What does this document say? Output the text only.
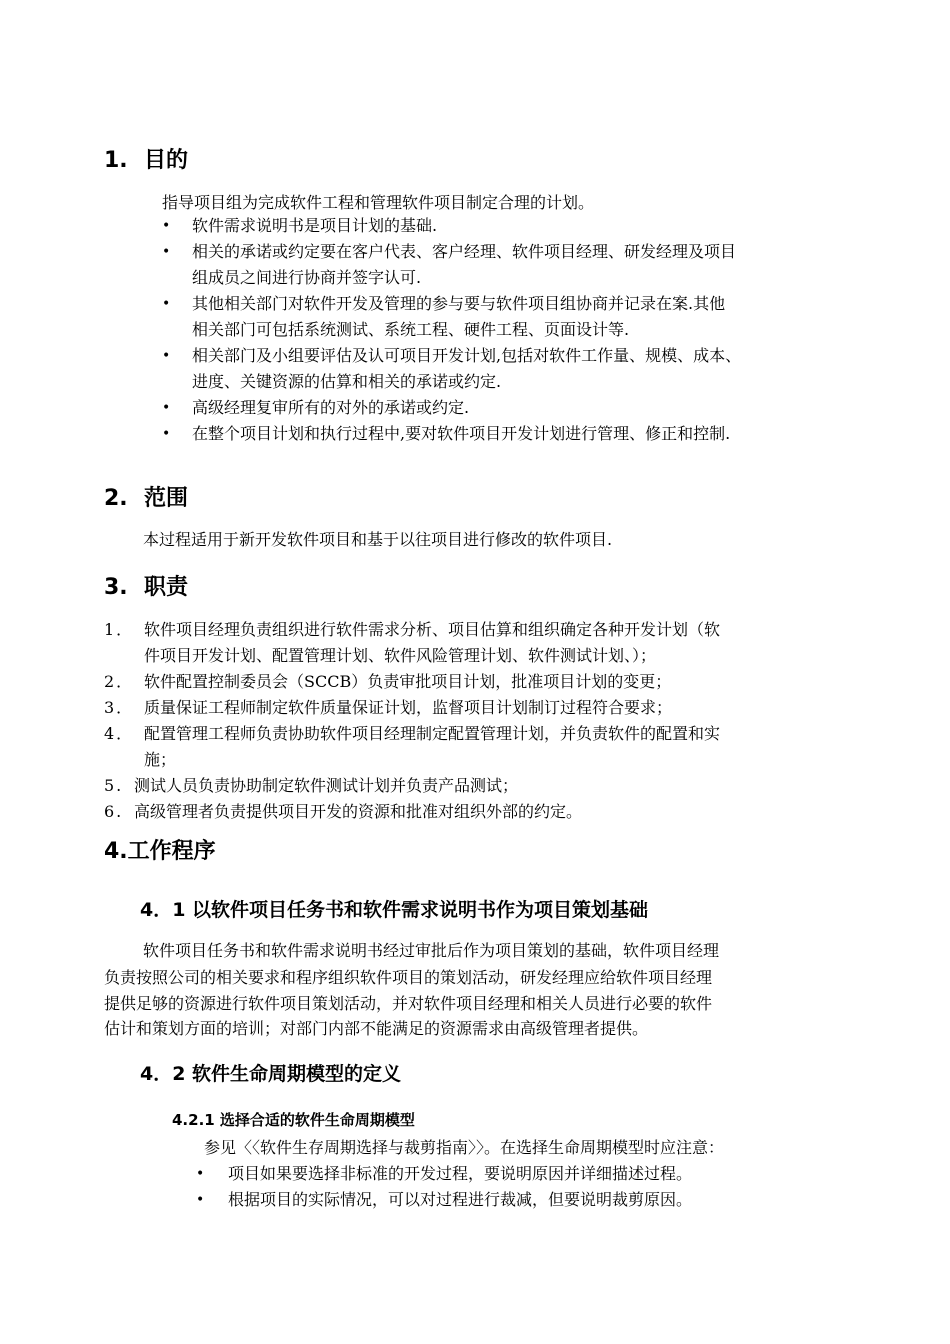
1. 目的
指导项目组为完成软件工程和管理软件项目制定合理的计划。
• 软件需求说明书是项目计划的基础.
• 相关的承诺或约定要在客户代表、客户经理、软件项目经理、研发经理及项目
组成员之间进行协商并签字认可.
• 其他相关部门对软件开发及管理的参与要与软件项目组协商并记录在案.其他
相关部门可包括系统测试、系统工程、硬件工程、页面设计等.
• 相关部门及小组要评估及认可项目开发计划,包括对软件工作量、规模、成本、
进度、关键资源的估算和相关的承诺或约定.
• 高级经理复审所有的对外的承诺或约定.
• 在整个项目计划和执行过程中,要对软件项目开发计划进行管理、修正和控制.
2. 范围
本过程适用于新开发软件项目和基于以往项目进行修改的软件项目.
3. 职责
1． 软件项目经理负责组织进行软件需求分析、项目估算和组织确定各种开发计划（软
件项目开发计划、配置管理计划、软件风险管理计划、软件测试计划、）；
2． 软件配置控制委员会（SCCB）负责审批项目计划，批准项目计划的变更；
3． 质量保证工程师制定软件质量保证计划，监督项目计划制订过程符合要求；
4． 配置管理工程师负责协助软件项目经理制定配置管理计划，并负责软件的配置和实
施；
5. 测试人员负责协助制定软件测试计划并负责产品测试；
6. 高级管理者负责提供项目开发的资源和批准对组织外部的约定。
4.工作程序
4．1 以软件项目任务书和软件需求说明书作为项目策划基础
软件项目任务书和软件需求说明书经过审批后作为项目策划的基础，软件项目经理
负责按照公司的相关要求和程序组织软件项目的策划活动，研发经理应给软件项目经理
提供足够的资源进行软件项目策划活动，并对软件项目经理和相关人员进行必要的软件
估计和策划方面的培训；对部门内部不能满足的资源需求由高级管理者提供。
4．2 软件生命周期模型的定义
4.2.1 选择合适的软件生命周期模型
参见〈〈软件生存周期选择与裁剪指南〉〉。在选择生命周期模型时应注意：
• 项目如果要选择非标准的开发过程，要说明原因并详细描述过程。
• 根据项目的实际情况，可以对过程进行裁减，但要说明裁剪原因。
